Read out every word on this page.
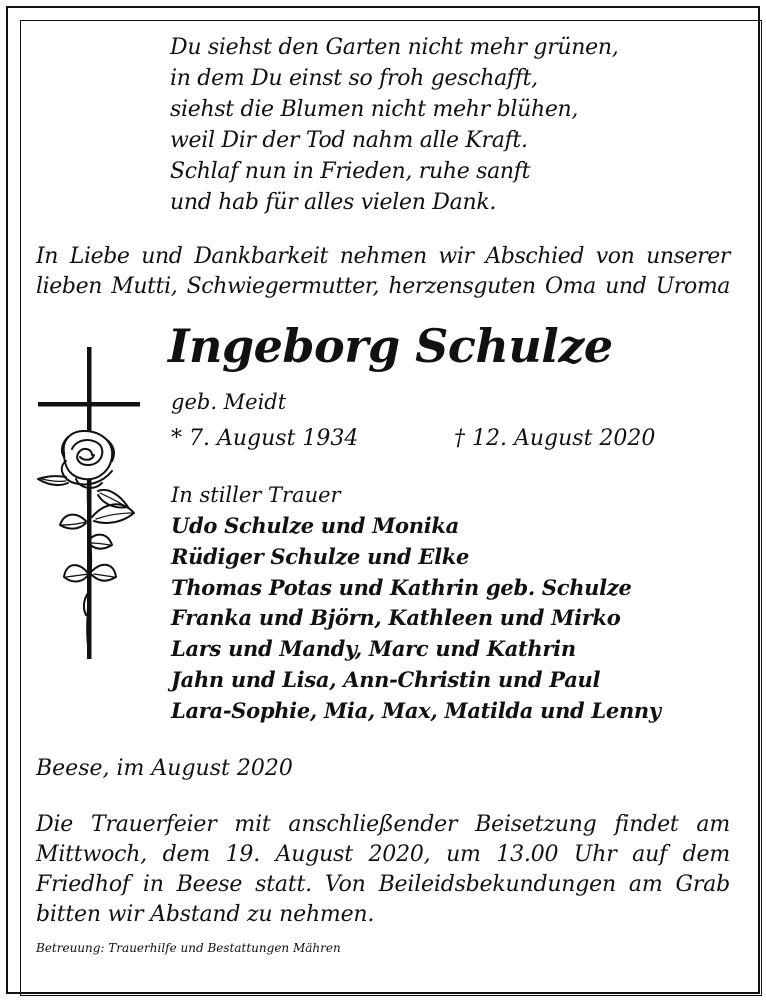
Du siehst den Garten nicht mehr grünen,
in dem Du einst so froh geschafft,
siehst die Blumen nicht mehr blühen,
weil Dir der Tod nahm alle Kraft.
Schlaf nun in Frieden, ruhe sanft
und hab für alles vielen Dank.
In Liebe und Dankbarkeit nehmen wir Abschied von unserer
lieben Mutti, Schwiegermutter, herzensguten Oma und Uroma
Ingeborg Schulze
geb. Meidt
* 7. August 1934	† 12. August 2020
In stiller Trauer
Udo Schulze und Monika
Rüdiger Schulze und Elke
Thomas Potas und Kathrin geb. Schulze
Franka und Björn, Kathleen und Mirko
Lars und Mandy, Marc und Kathrin
Jahn und Lisa, Ann-Christin und Paul
Lara-Sophie, Mia, Max, Matilda und Lenny
Beese, im August 2020
Die Trauerfeier mit anschließender Beisetzung findet am
Mittwoch, dem 19. August 2020, um 13.00 Uhr auf dem
Friedhof in Beese statt. Von Beileidsbekundungen am Grab
bitten wir Abstand zu nehmen.
Betreuung: Trauerhilfe und Bestattungen Mähren
